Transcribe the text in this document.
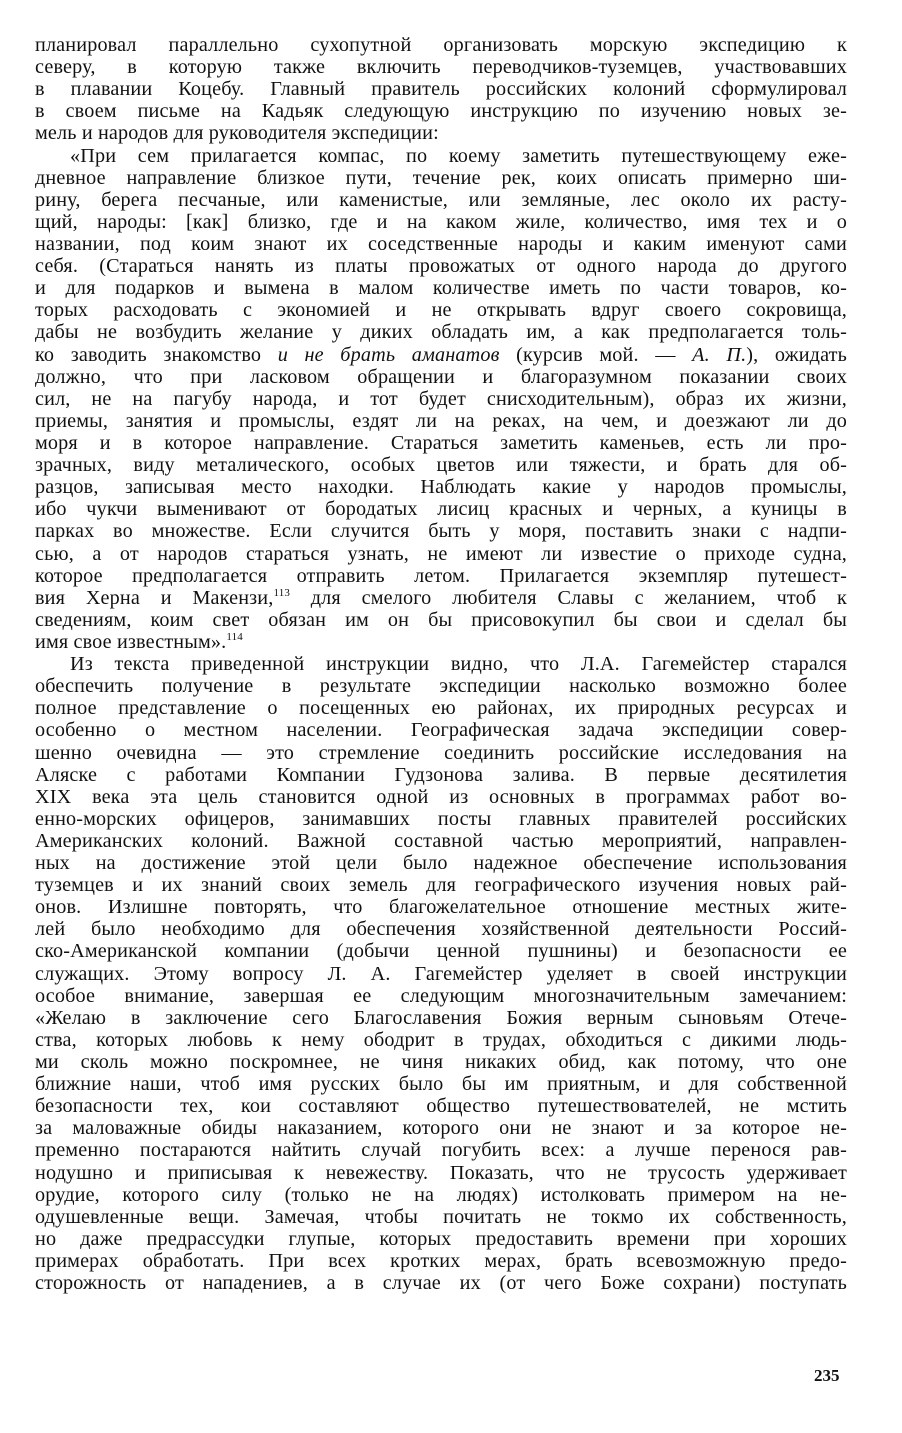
планировал параллельно сухопутной организовать морскую экспедицию к
северу, в которую также включить переводчиков-туземцев, участвовавших
в плавании Коцебу. Главный правитель российских колоний сформулировал
в своем письме на Кадьяк следующую инструкцию по изучению новых зе-
мель и народов для руководителя экспедиции:
«При сем прилагается компас, по коему заметить путешествующему еже-
дневное направление близкое пути, течение рек, коих описать примерно ши-
рину, берега песчаные, или каменистые, или земляные, лес около их расту-
щий, народы: [как] близко, где и на каком жиле, количество, имя тех и о
названии, под коим знают их соседственные народы и каким именуют сами
себя. (Стараться нанять из платы провожатых от одного народа до другого
и для подарков и вымена в малом количестве иметь по части товаров, ко-
торых расходовать с экономией и не открывать вдруг своего сокровища,
дабы не возбудить желание у диких обладать им, а как предполагается толь-
ко заводить знакомство и не брать аманатов (курсив мой. — А. П.), ожидать
должно, что при ласковом обращении и благоразумном показании своих
сил, не на пагубу народа, и тот будет снисходительным), образ их жизни,
приемы, занятия и промыслы, ездят ли на реках, на чем, и доезжают ли до
моря и в которое направление. Стараться заметить каменьев, есть ли про-
зрачных, виду металического, особых цветов или тяжести, и брать для об-
разцов, записывая место находки. Наблюдать какие у народов промыслы,
ибо чукчи выменивают от бородатых лисиц красных и черных, а куницы в
парках во множестве. Если случится быть у моря, поставить знаки с надпи-
сью, а от народов стараться узнать, не имеют ли известие о приходе судна,
которое предполагается отправить летом. Прилагается экземпляр путешест-
вия Херна и Макензи,$^{113}$ для смелого любителя Славы с желанием, чтоб к
сведениям, коим свет обязан им он бы присовокупил бы свои и сделал бы
имя свое известным».$^{114}$
Из текста приведенной инструкции видно, что Л.А. Гагемейстер старался
обеспечить получение в результате экспедиции насколько возможно более
полное представление о посещенных ею районах, их природных ресурсах и
особенно о местном населении. Географическая задача экспедиции совер-
шенно очевидна — это стремление соединить российские исследования на
Аляске с работами Компании Гудзонова залива. В первые десятилетия
XIX века эта цель становится одной из основных в программах работ во-
енно-морских офицеров, занимавших посты главных правителей российских
Американских колоний. Важной составной частью мероприятий, направлен-
ных на достижение этой цели было надежное обеспечение использования
туземцев и их знаний своих земель для географического изучения новых рай-
онов. Излишне повторять, что благожелательное отношение местных жите-
лей было необходимо для обеспечения хозяйственной деятельности Россий-
ско-Американской компании (добычи ценной пушнины) и безопасности ее
служащих. Этому вопросу Л. А. Гагемейстер уделяет в своей инструкции
особое внимание, завершая ее следующим многозначительным замечанием:
«Желаю в заключение сего Благославения Божия верным сыновьям Отече-
ства, которых любовь к нему ободрит в трудах, обходиться с дикими людь-
ми сколь можно поскромнее, не чиня никаких обид, как потому, что оне
ближние наши, чтоб имя русских было бы им приятным, и для собственной
безопасности тех, кои составляют общество путешествователей, не мстить
за маловажные обиды наказанием, которого они не знают и за которое не-
пременно постараются найтить случай погубить всех: а лучше перенося рав-
нодушно и приписывая к невежеству. Показать, что не трусость удерживает
орудие, которого силу (только не на людях) истолковать примером на не-
одушевленные вещи. Замечая, чтобы почитать не токмо их собственность,
но даже предрассудки глупые, которых предоставить времени при хороших
примерах обработать. При всех кротких мерах, брать всевозможную предо-
сторожность от нападениев, а в случае их (от чего Боже сохрани) поступать
235
